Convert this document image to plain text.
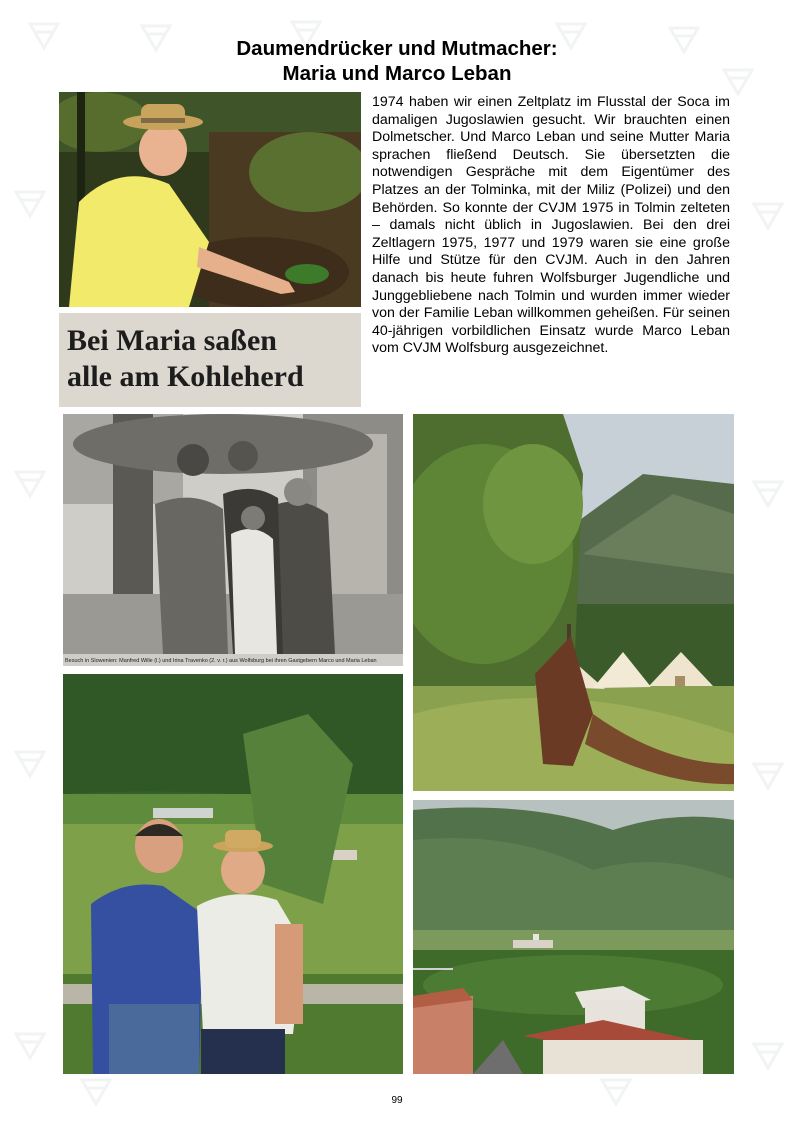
Daumendrücker und Mutmacher:
Maria und Marco Leban
Bei Maria saßen
alle am Kohleherd

1974 haben wir einen Zeltplatz im Flusstal der Soca im damaligen Jugoslawien gesucht. Wir brauchten einen Dolmetscher. Und Marco Leban und seine Mutter Maria sprachen fließend Deutsch. Sie übersetzten die notwendigen Gespräche mit dem Eigentümer des Platzes an der Tolminka, mit der Miliz (Polizei) und den Behörden. So konnte der CVJM 1975 in Tolmin zelteten – damals nicht üblich in Jugoslawien. Bei den drei Zeltlagern 1975, 1977 und 1979 waren sie eine große Hilfe und Stütze für den CVJM. Auch in den Jahren danach bis heute fuhren Wolfsburger Jugendliche und Junggebliebene nach Tolmin und wurden immer wieder von der Familie Leban willkommen geheißen. Für seinen 40-jährigen vorbildlichen Einsatz wurde Marco Leban vom CVJM Wolfsburg ausgezeichnet.

Besuch in Slowenien: Manfred Wille (l.) und Irina Travenko (2. v. r.) aus Wolfsburg bei ihren Gastgebern Marco und Maria Leban
99
